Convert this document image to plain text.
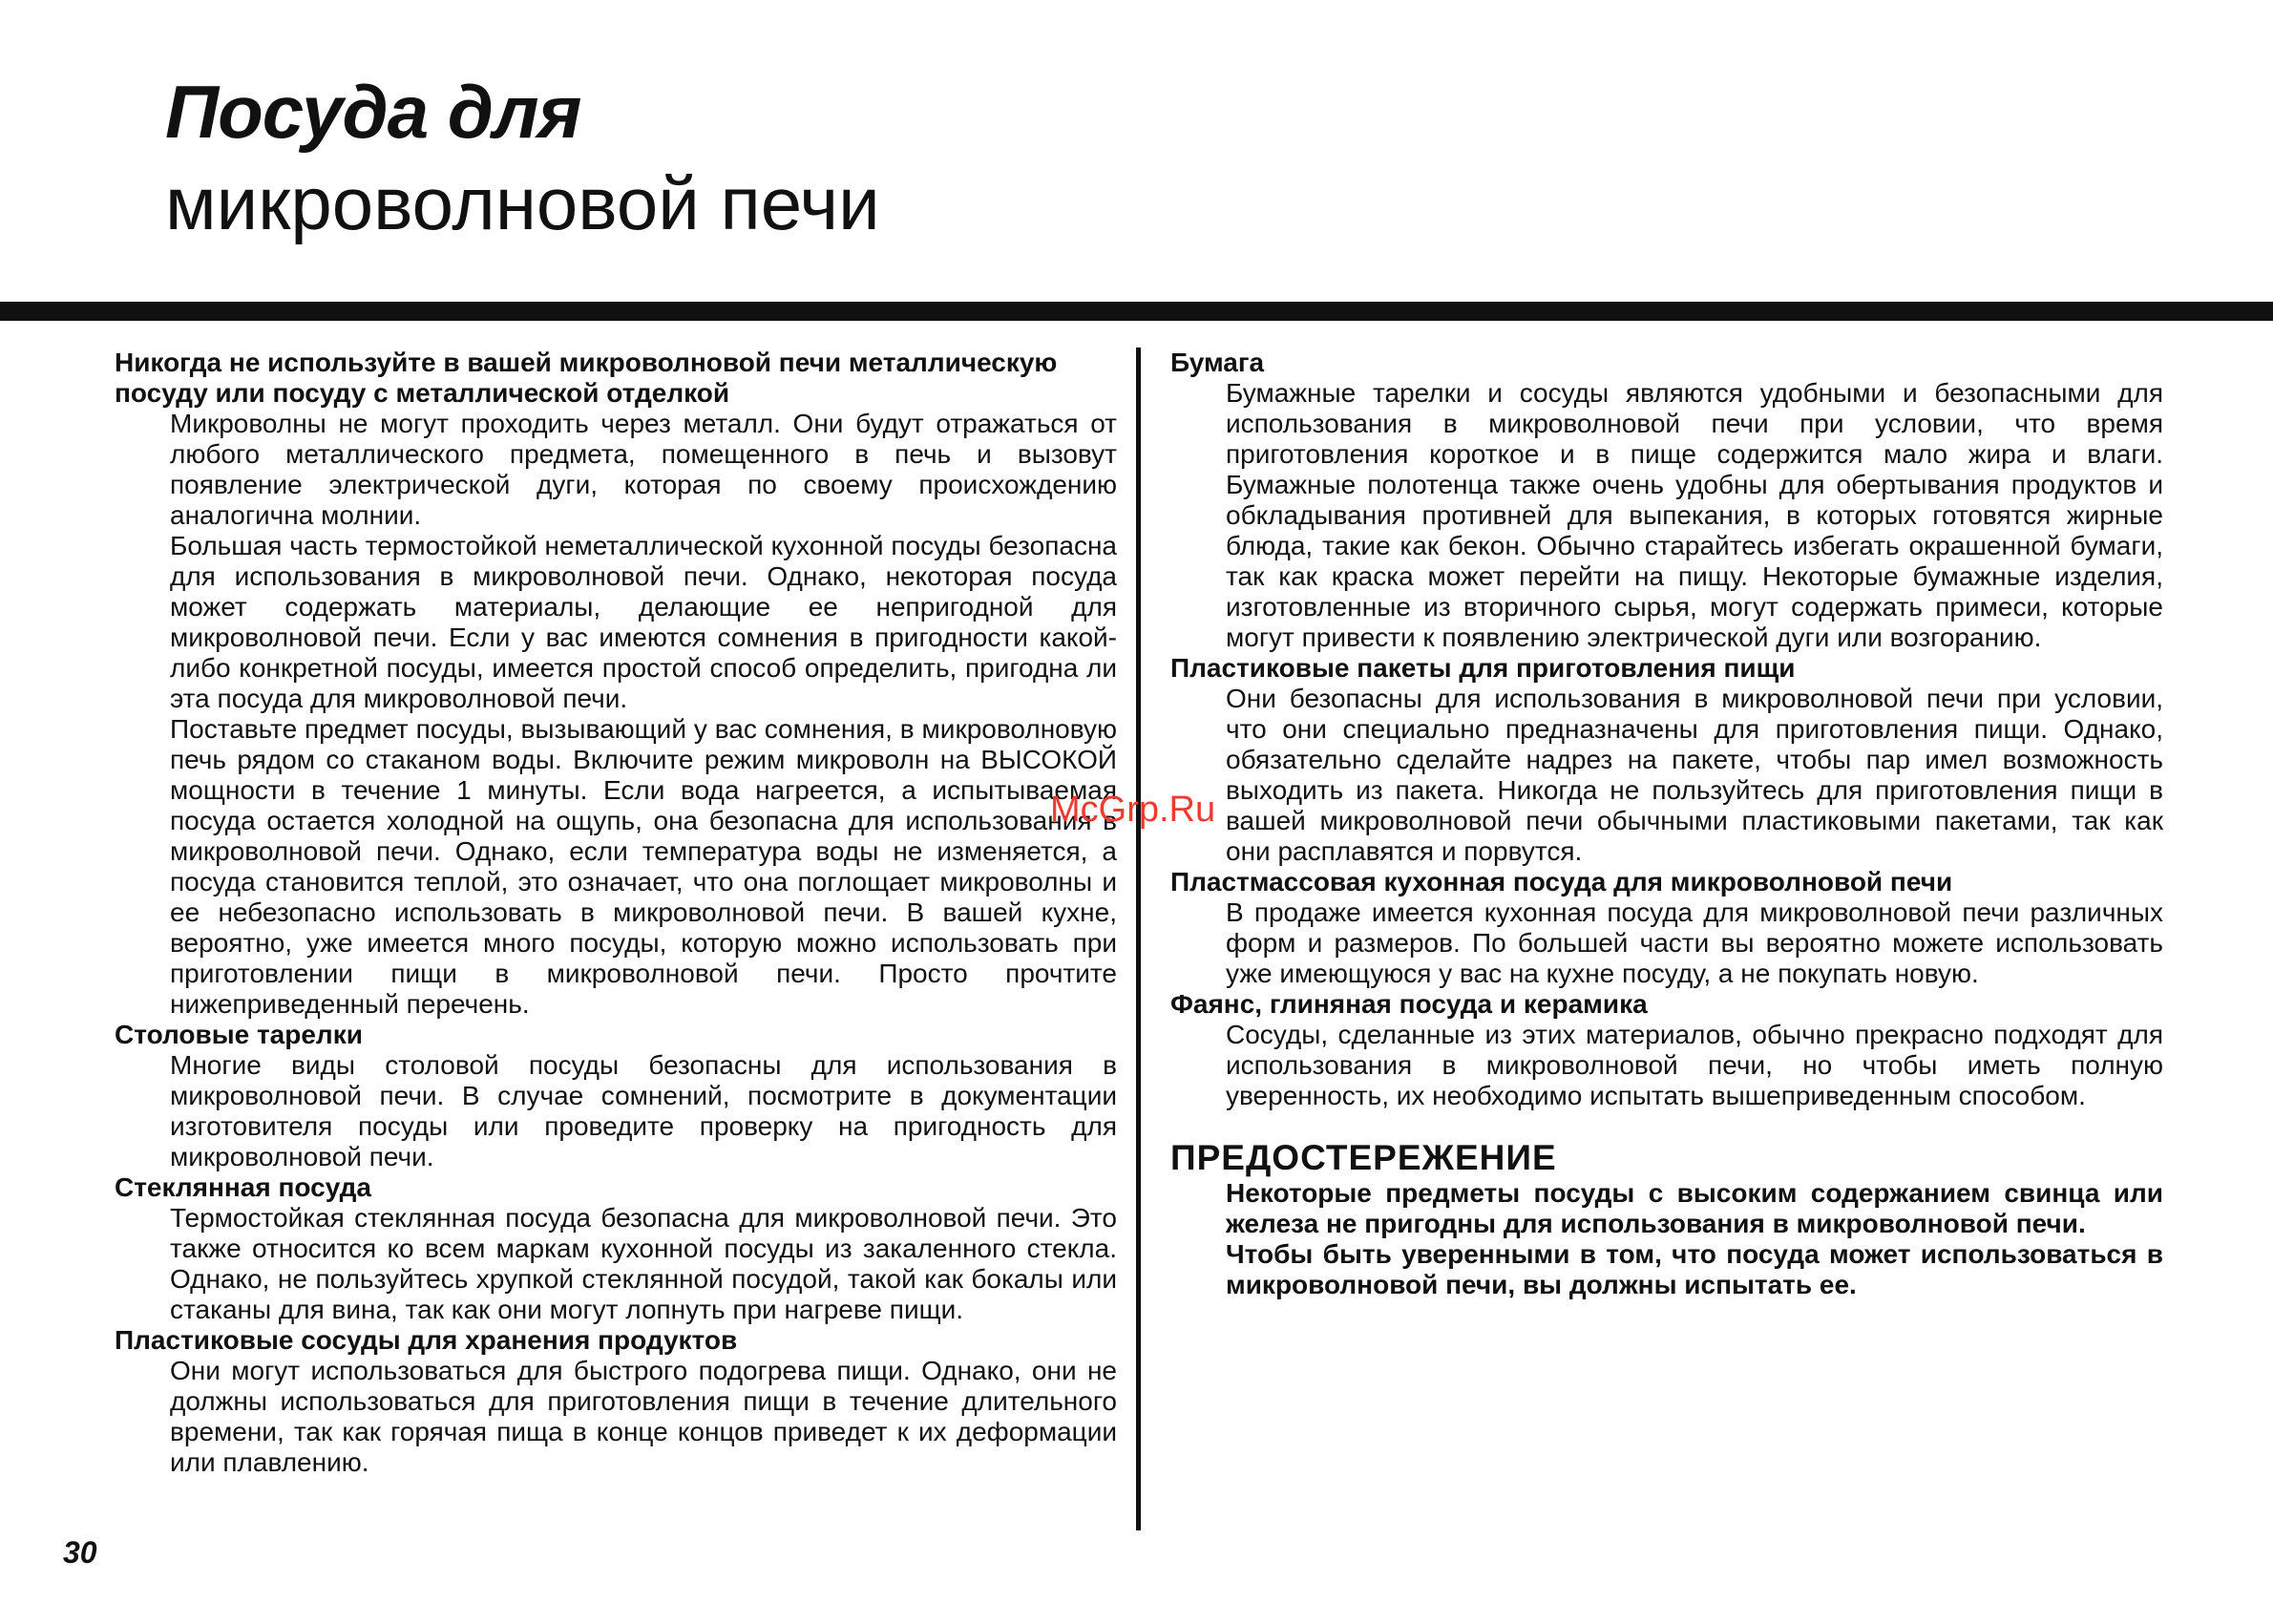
Посуда для
микроволновой печи
Никогда не используйте в вашей микроволновой печи металлическую посуду или посуду с металлической отделкой
Микроволны не могут проходить через металл. Они будут отражаться от любого металлического предмета, помещенного в печь и вызовут появление электрической дуги, которая по своему происхождению аналогична молнии.
Большая часть термостойкой неметаллической кухонной посуды безопасна для использования в микроволновой печи. Однако, некоторая посуда может содержать материалы, делающие ее непригодной для микроволновой печи. Если у вас имеются сомнения в пригодности какой-либо конкретной посуды, имеется простой способ определить, пригодна ли эта посуда для микроволновой печи.
Поставьте предмет посуды, вызывающий у вас сомнения, в микроволновую печь рядом со стаканом воды. Включите режим микроволн на ВЫСОКОЙ мощности в течение 1 минуты. Если вода нагреется, а испытываемая посуда остается холодной на ощупь, она безопасна для использования в микроволновой печи. Однако, если температура воды не изменяется, а посуда становится теплой, это означает, что она поглощает микроволны и ее небезопасно использовать в микроволновой печи. В вашей кухне, вероятно, уже имеется много посуды, которую можно использовать при приготовлении пищи в микроволновой печи. Просто прочтите нижеприведенный перечень.
Столовые тарелки
Многие виды столовой посуды безопасны для использования в микроволновой печи. В случае сомнений, посмотрите в документации изготовителя посуды или проведите проверку на пригодность для микроволновой печи.
Стеклянная посуда
Термостойкая стеклянная посуда безопасна для микроволновой печи. Это также относится ко всем маркам кухонной посуды из закаленного стекла. Однако, не пользуйтесь хрупкой стеклянной посудой, такой как бокалы или стаканы для вина, так как они могут лопнуть при нагреве пищи.
Пластиковые сосуды для хранения продуктов
Они могут использоваться для быстрого подогрева пищи. Однако, они не должны использоваться для приготовления пищи в течение длительного времени, так как горячая пища в конце концов приведет к их деформации или плавлению.
Бумага
Бумажные тарелки и сосуды являются удобными и безопасными для использования в микроволновой печи при условии, что время приготовления короткое и в пище содержится мало жира и влаги. Бумажные полотенца также очень удобны для обертывания продуктов и обкладывания противней для выпекания, в которых готовятся жирные блюда, такие как бекон. Обычно старайтесь избегать окрашенной бумаги, так как краска может перейти на пищу. Некоторые бумажные изделия, изготовленные из вторичного сырья, могут содержать примеси, которые могут привести к появлению электрической дуги или возгоранию.
Пластиковые пакеты для приготовления пищи
Они безопасны для использования в микроволновой печи при условии, что они специально предназначены для приготовления пищи. Однако, обязательно сделайте надрез на пакете, чтобы пар имел возможность выходить из пакета. Никогда не пользуйтесь для приготовления пищи в вашей микроволновой печи обычными пластиковыми пакетами, так как они расплавятся и порвутся.
Пластмассовая кухонная посуда для микроволновой печи
В продаже имеется кухонная посуда для микроволновой печи различных форм и размеров. По большей части вы вероятно можете использовать уже имеющуюся у вас на кухне посуду, а не покупать новую.
Фаянс, глиняная посуда и керамика
Сосуды, сделанные из этих материалов, обычно прекрасно подходят для использования в микроволновой печи, но чтобы иметь полную уверенность, их необходимо испытать вышеприведенным способом.
ПРЕДОСТЕРЕЖЕНИЕ
Некоторые предметы посуды с высоким содержанием свинца или железа не пригодны для использования в микроволновой печи.
Чтобы быть уверенными в том, что посуда может использоваться в микроволновой печи, вы должны испытать ее.
McGrp.Ru
30
